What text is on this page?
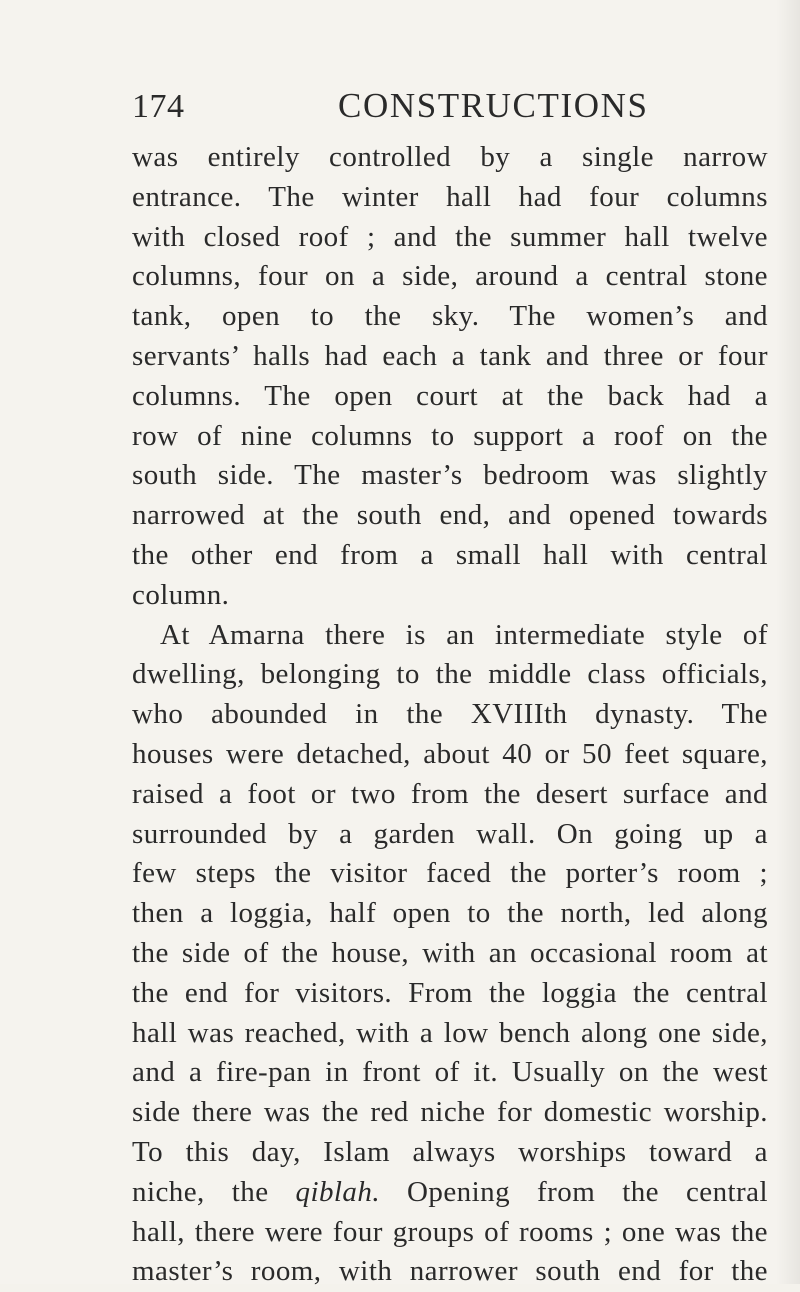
174	CONSTRUCTIONS
was entirely controlled by a single narrow
entrance. The winter hall had four columns
with closed roof ; and the summer hall twelve
columns, four on a side, around a central stone
tank, open to the sky. The women’s and
servants’ halls had each a tank and three or four
columns. The open court at the back had a
row of nine columns to support a roof on the
south side. The master’s bedroom was slightly
narrowed at the south end, and opened towards
the other end from a small hall with central
column.
At Amarna there is an intermediate style of
dwelling, belonging to the middle class officials,
who abounded in the XVIIIth dynasty. The
houses were detached, about 40 or 50 feet square,
raised a foot or two from the desert surface and
surrounded by a garden wall. On going up a
few steps the visitor faced the porter’s room ;
then a loggia, half open to the north, led along
the side of the house, with an occasional room at
the end for visitors. From the loggia the central
hall was reached, with a low bench along one side,
and a fire-pan in front of it. Usually on the west
side there was the red niche for domestic worship.
To this day, Islam always worships toward a
niche, the qiblah. Opening from the central
hall, there were four groups of rooms ; one was the
master’s room, with narrower south end for the
